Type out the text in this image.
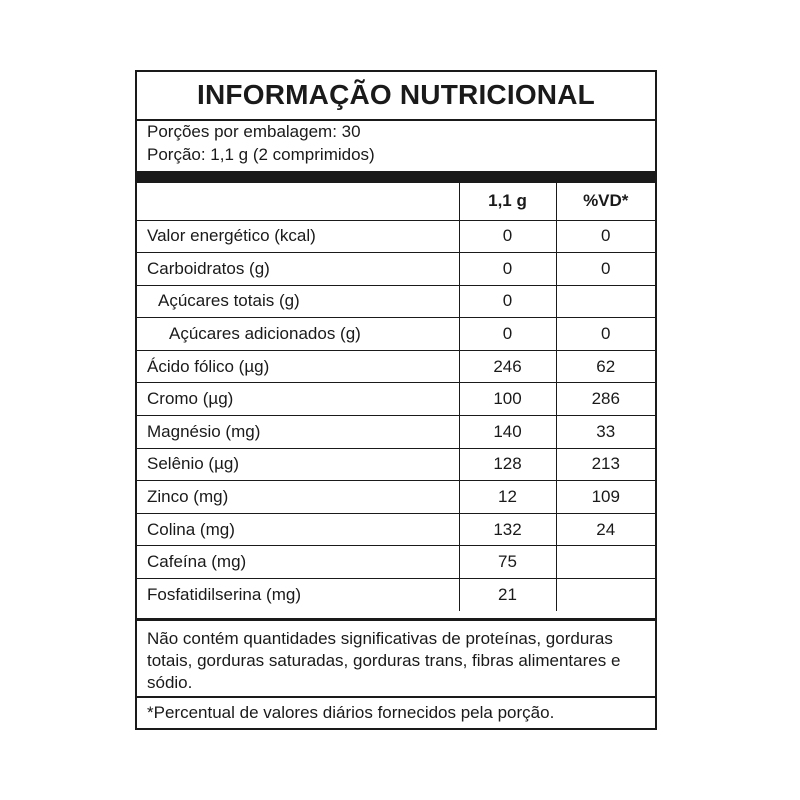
INFORMAÇÃO NUTRICIONAL
Porções por embalagem: 30
Porção: 1,1 g (2 comprimidos)
	1,1 g	%VD*
Valor energético (kcal)	0	0
Carboidratos (g)	0	0
Açúcares totais (g)	0	
Açúcares adicionados (g)	0	0
Ácido fólico (µg)	246	62
Cromo (µg)	100	286
Magnésio (mg)	140	33
Selênio (µg)	128	213
Zinco (mg)	12	109
Colina (mg)	132	24
Cafeína (mg)	75	
Fosfatidilserina (mg)	21	
Não contém quantidades significativas de proteínas, gorduras totais, gorduras saturadas, gorduras trans, fibras alimentares e sódio.
*Percentual de valores diários fornecidos pela porção.
